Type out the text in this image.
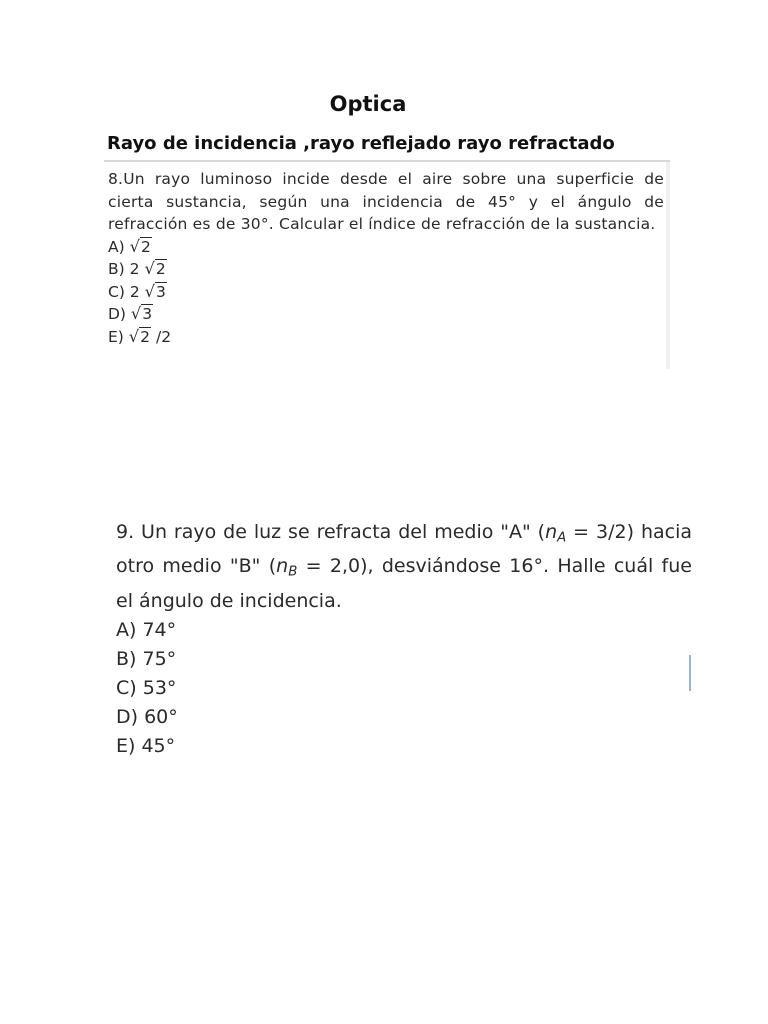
Optica
Rayo de incidencia ,rayo reflejado rayo refractado
8.Un rayo luminoso incide desde el aire sobre una superficie de cierta sustancia, según una incidencia de 45° y el ángulo de refracción es de 30°. Calcular el índice de refracción de la sustancia.
A) √2
B) 2 √2
C) 2 √3
D) √3
E) √2 /2
9. Un rayo de luz se refracta del medio "A" (nA = 3/2) hacia otro medio "B" (nB = 2,0), desviándose 16°. Halle cuál fue el ángulo de incidencia.
A) 74°
B) 75°
C) 53°
D) 60°
E) 45°
